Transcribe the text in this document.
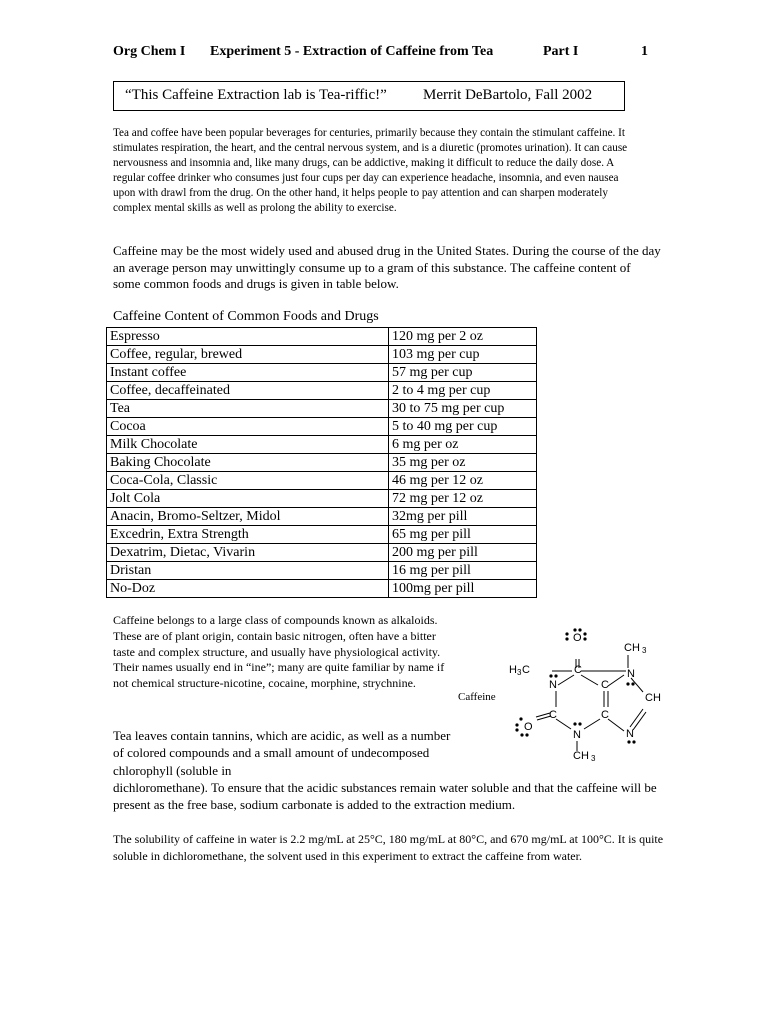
Org Chem I Experiment 5 - Extraction of Caffeine from Tea	Part I	1
“This Caffeine Extraction lab is Tea-riffic!” Merrit DeBartolo, Fall 2002

Tea and coffee have been popular beverages for centuries, primarily because they contain the stimulant caffeine. It stimulates respiration, the heart, and the central nervous system, and is a diuretic (promotes urination). It can cause nervousness and insomnia and, like many drugs, can be addictive, making it difficult to reduce the daily dose. A regular coffee drinker who consumes just four cups per day can experience headache, insomnia, and even nausea upon with drawl from the drug. On the other hand, it helps people to pay attention and can sharpen moderately complex mental skills as well as prolong the ability to exercise.

Caffeine may be the most widely used and abused drug in the United States. During the course of the day an average person may unwittingly consume up to a gram of this substance. The caffeine content of some common foods and drugs is given in table below.

Caffeine Content of Common Foods and Drugs
Espresso	120 mg per 2 oz
Coffee, regular, brewed	103 mg per cup
Instant coffee	57 mg per cup
Coffee, decaffeinated	2 to 4 mg per cup
Tea	30 to 75 mg per cup
Cocoa	5 to 40 mg per cup
Milk Chocolate	6 mg per oz
Baking Chocolate	35 mg per oz
Coca-Cola, Classic	46 mg per 12 oz
Jolt Cola	72 mg per 12 oz
Anacin, Bromo-Seltzer, Midol	32mg per pill
Excedrin, Extra Strength	65 mg per pill
Dexatrim, Dietac, Vivarin	200 mg per pill
Dristan	16 mg per pill
No-Doz	100mg per pill

Caffeine belongs to a large class of compounds known as alkaloids. These are of plant origin, contain basic nitrogen, often have a bitter taste and complex structure, and usually have physiological activity. Their names usually end in “ine”; many are quite familiar by name if not chemical structure-nicotine, cocaine, morphine, strychnine.

Caffeine
O
CH 3
H 3 C	C	N
N	C
CH
C	C
O
N	N
CH 3

Tea leaves contain tannins, which are acidic, as well as a number of colored compounds and a small amount of undecomposed chlorophyll (soluble in

dichloromethane). To ensure that the acidic substances remain water soluble and that the caffeine will be present as the free base, sodium carbonate is added to the extraction medium.

The solubility of caffeine in water is 2.2 mg/mL at 25°C, 180 mg/mL at 80°C, and 670 mg/mL at 100°C. It is quite soluble in dichloromethane, the solvent used in this experiment to extract the caffeine from water.
